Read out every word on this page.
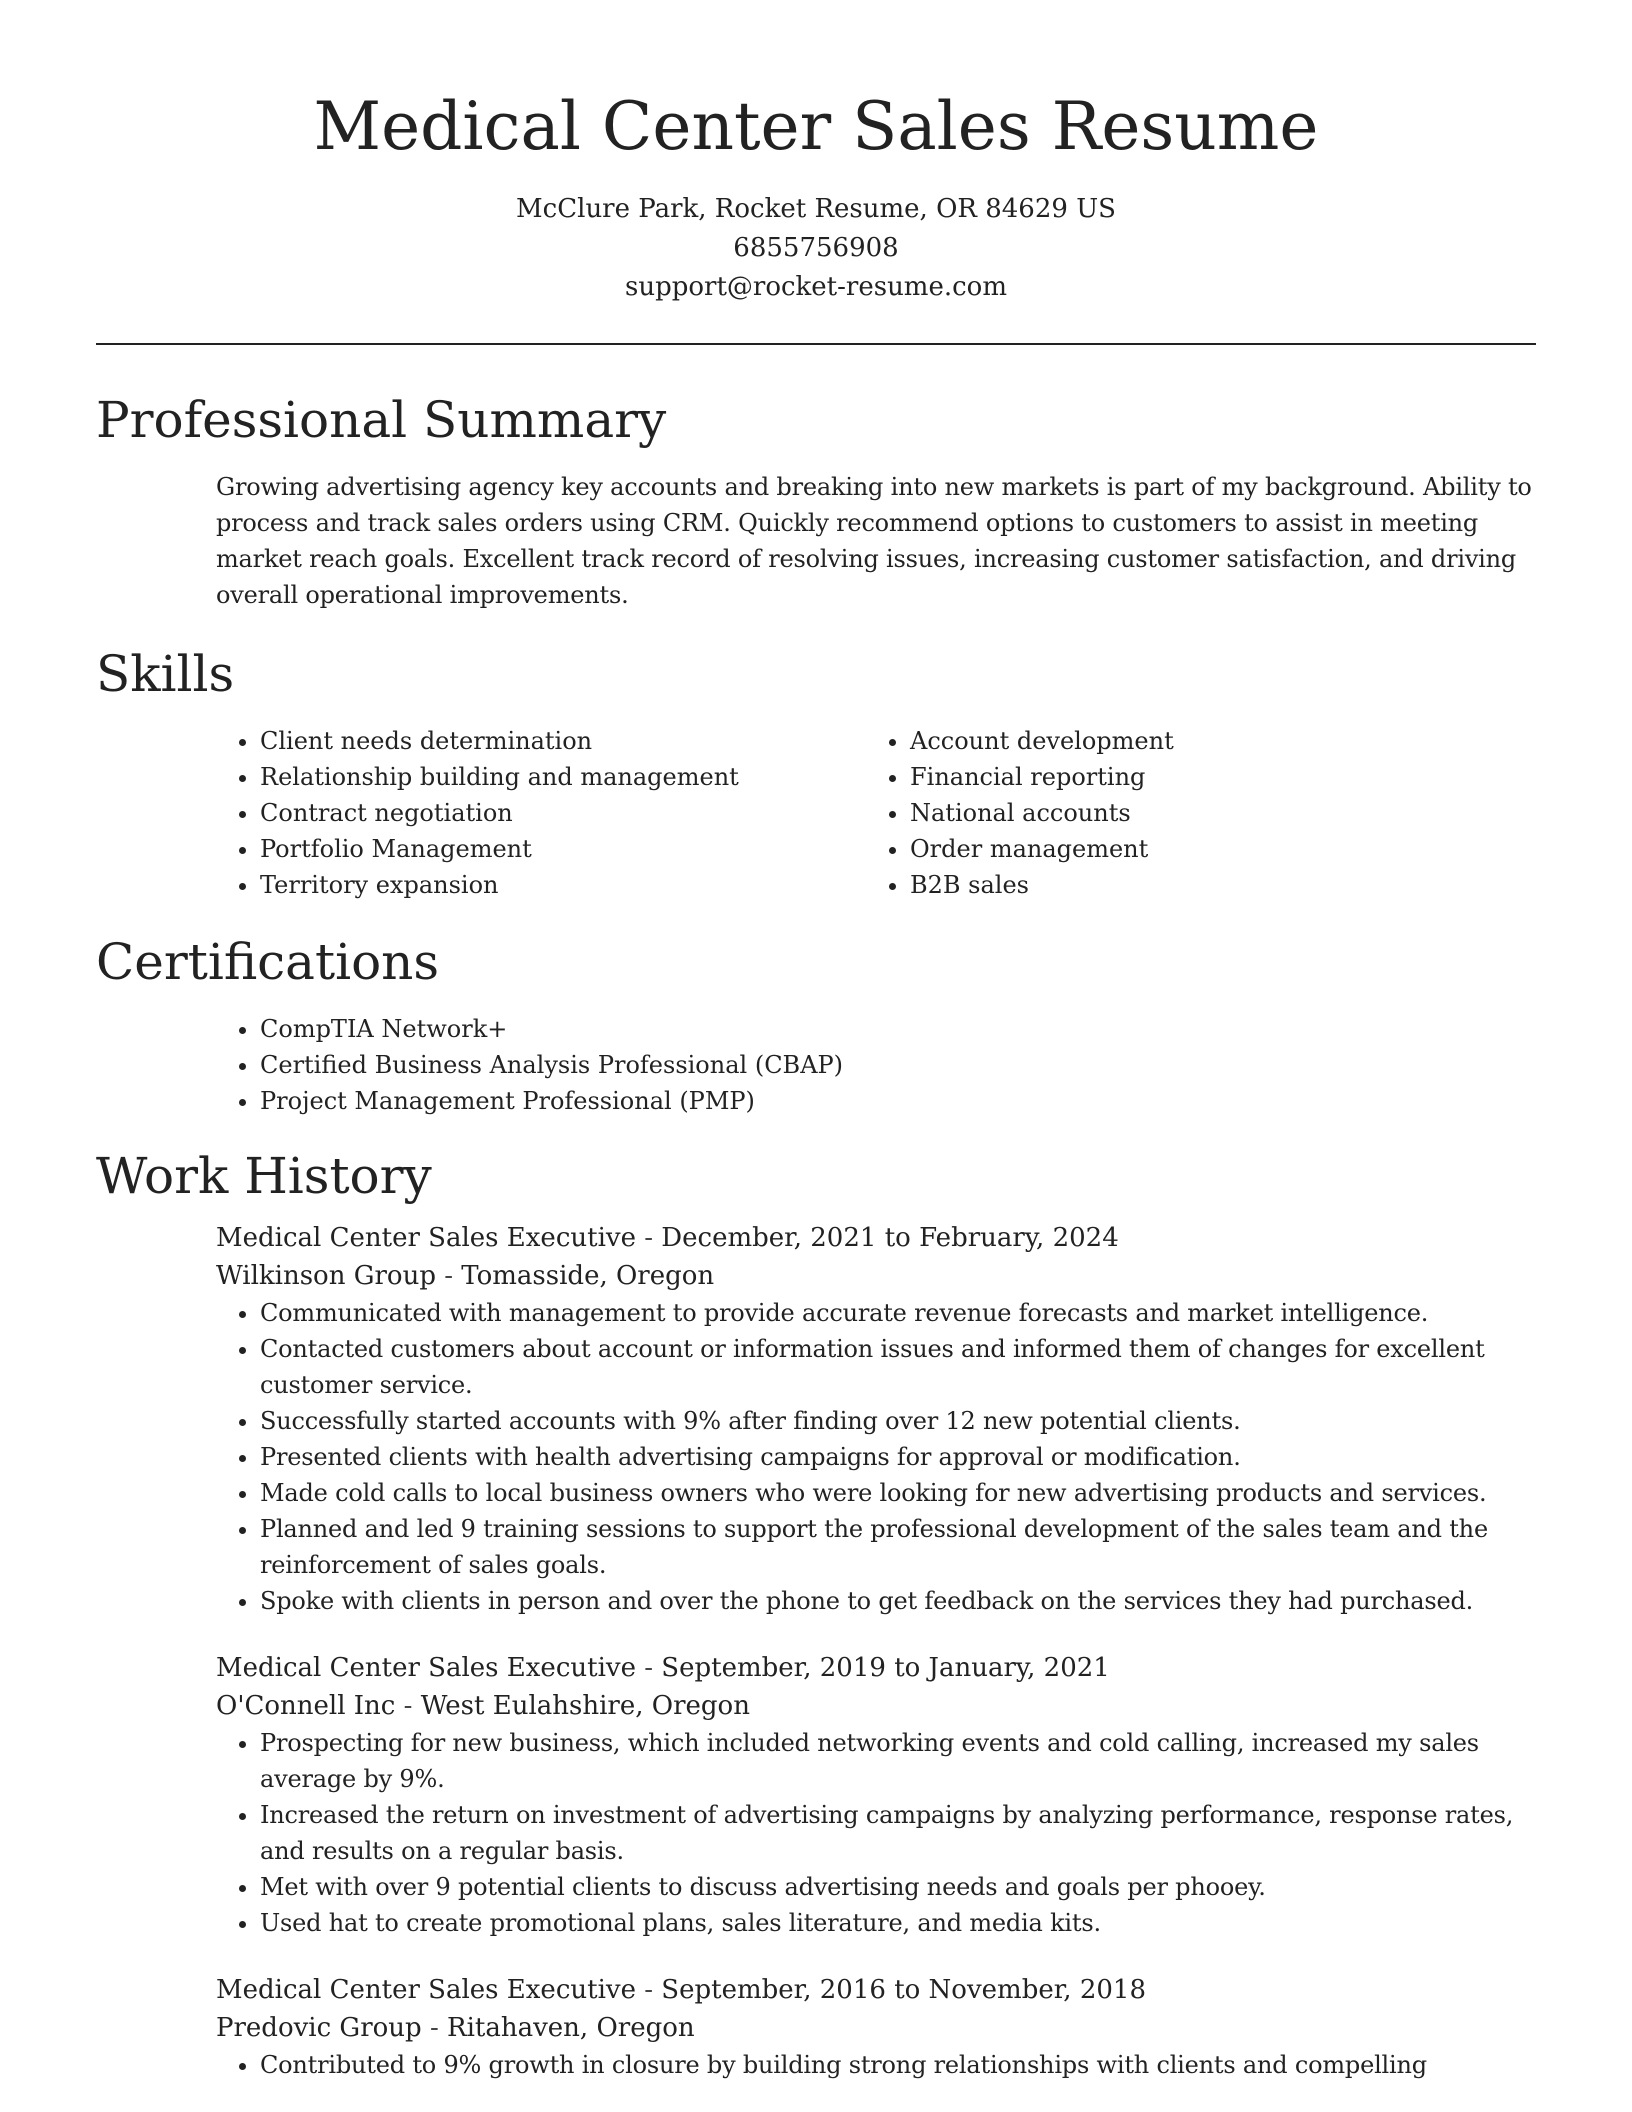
Medical Center Sales Resume
McClure Park, Rocket Resume, OR 84629 US
6855756908
support@rocket-resume.com
Professional Summary

Growing advertising agency key accounts and breaking into new markets is part of my background. Ability to process and track sales orders using CRM. Quickly recommend options to customers to assist in meeting market reach goals. Excellent track record of resolving issues, increasing customer satisfaction, and driving overall operational improvements.

Skills
• Client needs determination
• Relationship building and management
• Contract negotiation
• Portfolio Management
• Territory expansion
• Account development
• Financial reporting
• National accounts
• Order management
• B2B sales
Certifications
• CompTIA Network+
• Certified Business Analysis Professional (CBAP)
• Project Management Professional (PMP)
Work History
Medical Center Sales Executive - December, 2021 to February, 2024
Wilkinson Group - Tomasside, Oregon
• Communicated with management to provide accurate revenue forecasts and market intelligence.
• Contacted customers about account or information issues and informed them of changes for excellent customer service.
• Successfully started accounts with 9% after finding over 12 new potential clients.
• Presented clients with health advertising campaigns for approval or modification.
• Made cold calls to local business owners who were looking for new advertising products and services.
• Planned and led 9 training sessions to support the professional development of the sales team and the reinforcement of sales goals.
• Spoke with clients in person and over the phone to get feedback on the services they had purchased.
Medical Center Sales Executive - September, 2019 to January, 2021
O'Connell Inc - West Eulahshire, Oregon
• Prospecting for new business, which included networking events and cold calling, increased my sales average by 9%.
• Increased the return on investment of advertising campaigns by analyzing performance, response rates, and results on a regular basis.
• Met with over 9 potential clients to discuss advertising needs and goals per phooey.
• Used hat to create promotional plans, sales literature, and media kits.
Medical Center Sales Executive - September, 2016 to November, 2018
Predovic Group - Ritahaven, Oregon
• Contributed to 9% growth in closure by building strong relationships with clients and compelling
